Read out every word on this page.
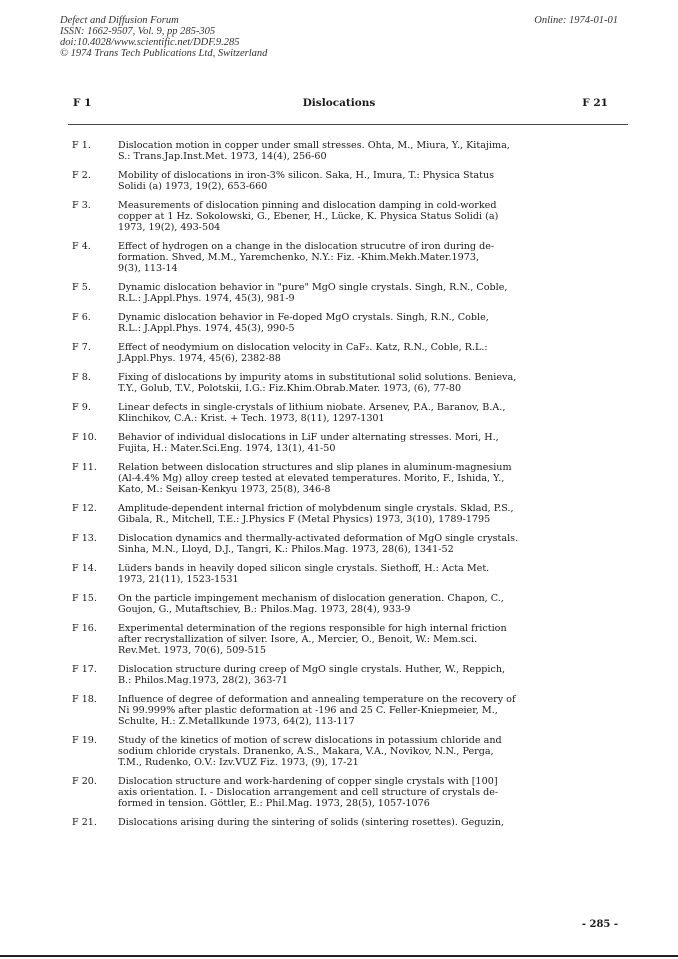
Defect and Diffusion Forum
ISSN: 1662-9507, Vol. 9, pp 285-305
doi:10.4028/www.scientific.net/DDF.9.285
© 1974 Trans Tech Publications Ltd, Switzerland
Online: 1974-01-01
F 1	Dislocations	F 21
F 1.	Dislocation motion in copper under small stresses. Ohta, M., Miura, Y., Kitajima,
S.: Trans.Jap.Inst.Met. 1973, 14(4), 256-60
F 2.	Mobility of dislocations in iron-3% silicon. Saka, H., Imura, T.: Physica Status
Solidi (a) 1973, 19(2), 653-660
F 3.	Measurements of dislocation pinning and dislocation damping in cold-worked
copper at 1 Hz. Sokolowski, G., Ebener, H., Lücke, K. Physica Status Solidi (a)
1973, 19(2), 493-504
F 4.	Effect of hydrogen on a change in the dislocation strucutre of iron during de-
formation. Shved, M.M., Yaremchenko, N.Y.: Fiz. -Khim.Mekh.Mater.1973,
9(3), 113-14
F 5.	Dynamic dislocation behavior in "pure" MgO single crystals. Singh, R.N., Coble,
R.L.: J.Appl.Phys. 1974, 45(3), 981-9
F 6.	Dynamic dislocation behavior in Fe-doped MgO crystals. Singh, R.N., Coble,
R.L.: J.Appl.Phys. 1974, 45(3), 990-5
F 7.	Effect of neodymium on dislocation velocity in CaF₂. Katz, R.N., Coble, R.L.:
J.Appl.Phys. 1974, 45(6), 2382-88
F 8.	Fixing of dislocations by impurity atoms in substitutional solid solutions. Benieva,
T.Y., Golub, T.V., Polotskii, I.G.: Fiz.Khim.Obrab.Mater. 1973, (6), 77-80
F 9.	Linear defects in single-crystals of lithium niobate. Arsenev, P.A., Baranov, B.A.,
Klinchikov, C.A.: Krist. + Tech. 1973, 8(11), 1297-1301
F 10.	Behavior of individual dislocations in LiF under alternating stresses. Mori, H.,
Fujita, H.: Mater.Sci.Eng. 1974, 13(1), 41-50
F 11.	Relation between dislocation structures and slip planes in aluminum-magnesium
(Al-4.4% Mg) alloy creep tested at elevated temperatures. Morito, F., Ishida, Y.,
Kato, M.: Seisan-Kenkyu 1973, 25(8), 346-8
F 12.	Amplitude-dependent internal friction of molybdenum single crystals. Sklad, P.S.,
Gibala, R., Mitchell, T.E.: J.Physics F (Metal Physics) 1973, 3(10), 1789-1795
F 13.	Dislocation dynamics and thermally-activated deformation of MgO single crystals.
Sinha, M.N., Lloyd, D.J., Tangri, K.: Philos.Mag. 1973, 28(6), 1341-52
F 14.	Lüders bands in heavily doped silicon single crystals. Siethoff, H.: Acta Met.
1973, 21(11), 1523-1531
F 15.	On the particle impingement mechanism of dislocation generation. Chapon, C.,
Goujon, G., Mutaftschiev, B.: Philos.Mag. 1973, 28(4), 933-9
F 16.	Experimental determination of the regions responsible for high internal friction
after recrystallization of silver. Isore, A., Mercier, O., Benoit, W.: Mem.sci.
Rev.Met. 1973, 70(6), 509-515
F 17.	Dislocation structure during creep of MgO single crystals. Huther, W., Reppich,
B.: Philos.Mag.1973, 28(2), 363-71
F 18.	Influence of degree of deformation and annealing temperature on the recovery of
Ni 99.999% after plastic deformation at -196 and 25 C. Feller-Kniepmeier, M.,
Schulte, H.: Z.Metallkunde 1973, 64(2), 113-117
F 19.	Study of the kinetics of motion of screw dislocations in potassium chloride and
sodium chloride crystals. Dranenko, A.S., Makara, V.A., Novikov, N.N., Perga,
T.M., Rudenko, O.V.: Izv.VUZ Fiz. 1973, (9), 17-21
F 20.	Dislocation structure and work-hardening of copper single crystals with [100]
axis orientation. I. - Dislocation arrangement and cell structure of crystals de-
formed in tension. Göttler, E.: Phil.Mag. 1973, 28(5), 1057-1076
F 21.	Dislocations arising during the sintering of solids (sintering rosettes). Geguzin,
- 285 -
